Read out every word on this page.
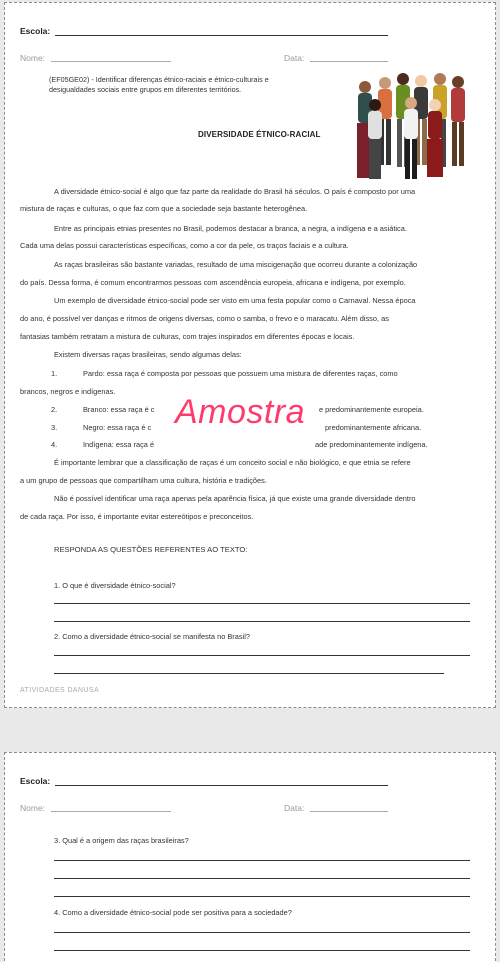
Escola:
Nome:	Data:
(EF05GE02) - Identificar diferenças étnico-raciais e étnico-culturais e
desigualdades sociais entre grupos em diferentes territórios.
DIVERSIDADE ÉTNICO-RACIAL
A diversidade étnico-social é algo que faz parte da realidade do Brasil há séculos. O país é composto por uma
mistura de raças e culturas, o que faz com que a sociedade seja bastante heterogênea.
Entre as principais etnias presentes no Brasil, podemos destacar a branca, a negra, a indígena e a asiática.
Cada uma delas possui características específicas, como a cor da pele, os traços faciais e a cultura.
As raças brasileiras são bastante variadas, resultado de uma miscigenação que ocorreu durante a colonização
do país. Dessa forma, é comum encontrarmos pessoas com ascendência europeia, africana e indígena, por exemplo.
Um exemplo de diversidade étnico-social pode ser visto em uma festa popular como o Carnaval. Nessa época
do ano, é possível ver danças e ritmos de origens diversas, como o samba, o frevo e o maracatu. Além disso, as
fantasias também retratam a mistura de culturas, com trajes inspirados em diferentes épocas e locais.
Existem diversas raças brasileiras, sendo algumas delas:
1.	Pardo: essa raça é composta por pessoas que possuem uma mistura de diferentes raças, como
brancos, negros e indígenas.
2.	Branco: essa raça é c	e predominantemente europeia.
3.	Negro: essa raça é c	predominantemente africana.
4.	Indígena: essa raça é	ade predominantemente indígena.
Amostra
É importante lembrar que a classificação de raças é um conceito social e não biológico, e que etnia se refere
a um grupo de pessoas que compartilham uma cultura, história e tradições.
Não é possível identificar uma raça apenas pela aparência física, já que existe uma grande diversidade dentro
de cada raça. Por isso, é importante evitar estereótipos e preconceitos.
RESPONDA AS QUESTÕES REFERENTES AO TEXTO:
1. O que é diversidade étnico-social?
2. Como a diversidade étnico-social se manifesta no Brasil?
ATIVIDADES DANUSA
Escola:
Nome:	Data:
3. Qual é a origem das raças brasileiras?
4. Como a diversidade étnico-social pode ser positiva para a sociedade?
